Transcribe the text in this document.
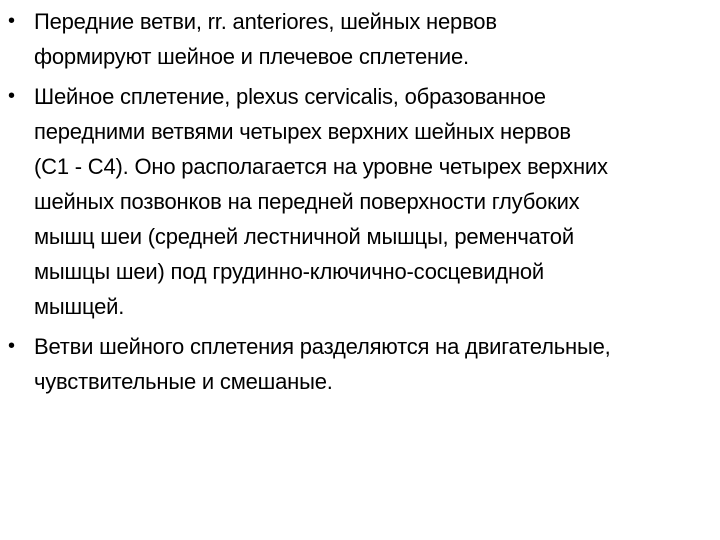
• Передние ветви, rr. anteriores, шейных нервов
формируют шейное и плечевое сплетение.
• Шейное сплетение, plexus cervicalis, образованное
передними ветвями четырех верхних шейных нервов
(С1 - С4). Оно располагается на уровне четырех верхних
шейных позвонков на передней поверхности глубоких
мышц шеи (средней лестничной мышцы, ременчатой
мышцы шеи) под грудинно-ключично-сосцевидной
мышцей.
• Ветви шейного сплетения разделяются на двигательные,
чувствительные и смешаные.
